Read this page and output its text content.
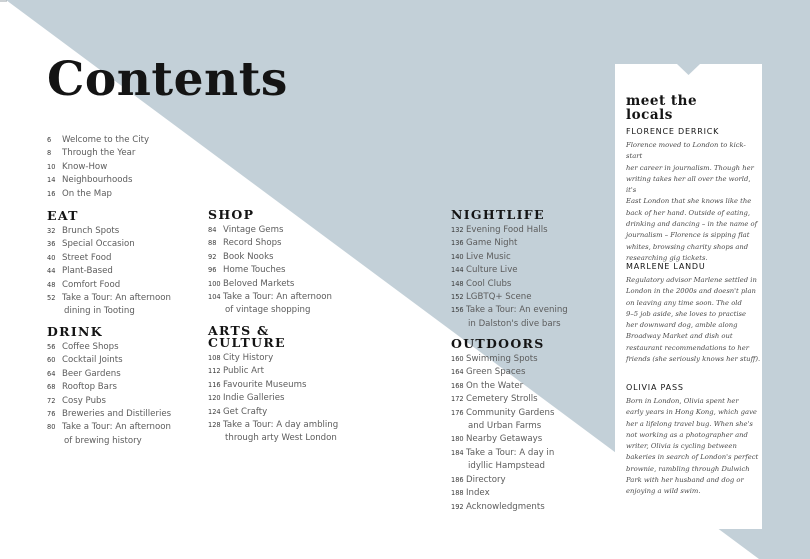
Contents
6 Welcome to the City
8 Through the Year
10 Know-How
14 Neighbourhoods
16 On the Map
EAT
32 Brunch Spots
36 Special Occasion
40 Street Food
44 Plant-Based
48 Comfort Food
52 Take a Tour: An afternoon
dining in Tooting
DRINK
56 Coffee Shops
60 Cocktail Joints
64 Beer Gardens
68 Rooftop Bars
72 Cosy Pubs
76 Breweries and Distilleries
80 Take a Tour: An afternoon
of brewing history
SHOP
84 Vintage Gems
88 Record Shops
92 Book Nooks
96 Home Touches
100 Beloved Markets
104 Take a Tour: An afternoon
of vintage shopping
ARTS &
CULTURE
108 City History
112 Public Art
116 Favourite Museums
120 Indie Galleries
124 Get Crafty
128 Take a Tour: A day ambling
through arty West London
NIGHTLIFE
132 Evening Food Halls
136 Game Night
140 Live Music
144 Culture Live
148 Cool Clubs
152 LGBTQ+ Scene
156 Take a Tour: An evening
in Dalston's dive bars
OUTDOORS
160 Swimming Spots
164 Green Spaces
168 On the Water
172 Cemetery Strolls
176 Community Gardens
and Urban Farms
180 Nearby Getaways
184 Take a Tour: A day in
idyllic Hampstead
186 Directory
188 Index
192 Acknowledgments
meet the
locals
FLORENCE DERRICK

Florence moved to London to kick-start
her career in journalism. Though her
writing takes her all over the world, it's
East London that she knows like the
back of her hand. Outside of eating,
drinking and dancing – in the name of
journalism – Florence is sipping flat
whites, browsing charity shops and
researching gig tickets.

MARLENE LANDU

Regulatory advisor Marlene settled in
London in the 2000s and doesn't plan
on leaving any time soon. The old
9–5 job aside, she loves to practise
her downward dog, amble along
Broadway Market and dish out
restaurant recommendations to her
friends (she seriously knows her stuff).

OLIVIA PASS

Born in London, Olivia spent her
early years in Hong Kong, which gave
her a lifelong travel bug. When she's
not working as a photographer and
writer, Olivia is cycling between
bakeries in search of London's perfect
brownie, rambling through Dulwich
Park with her husband and dog or
enjoying a wild swim.
